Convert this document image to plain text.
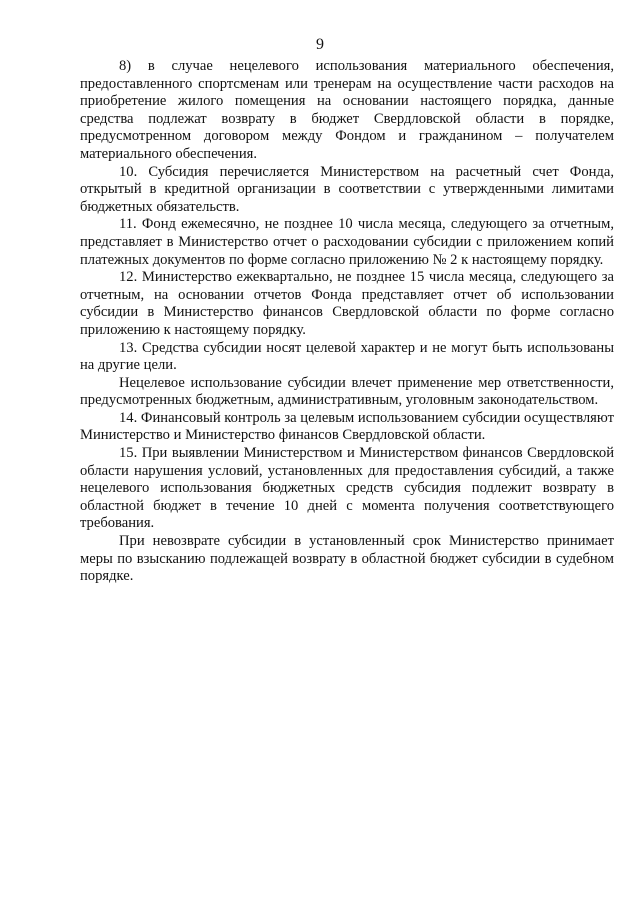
9

8) в случае нецелевого использования материального обеспечения, предоставленного спортсменам или тренерам на осуществление части расходов на приобретение жилого помещения на основании настоящего порядка, данные средства подлежат возврату в бюджет Свердловской области в порядке, предусмотренном договором между Фондом и гражданином – получателем материального обеспечения.

10. Субсидия перечисляется Министерством на расчетный счет Фонда, открытый в кредитной организации в соответствии с утвержденными лимитами бюджетных обязательств.

11. Фонд ежемесячно, не позднее 10 числа месяца, следующего за отчетным, представляет в Министерство отчет о расходовании субсидии с приложением копий платежных документов по форме согласно приложению № 2 к настоящему порядку.

12. Министерство ежеквартально, не позднее 15 числа месяца, следующего за отчетным, на основании отчетов Фонда представляет отчет об использовании субсидии в Министерство финансов Свердловской области по форме согласно приложению к настоящему порядку.

13. Средства субсидии носят целевой характер и не могут быть использованы на другие цели.

Нецелевое использование субсидии влечет применение мер ответственности, предусмотренных бюджетным, административным, уголовным законодательством.

14. Финансовый контроль за целевым использованием субсидии осуществляют Министерство и Министерство финансов Свердловской области.

15. При выявлении Министерством и Министерством финансов Свердловской области нарушения условий, установленных для предоставления субсидий, а также нецелевого использования бюджетных средств субсидия подлежит возврату в областной бюджет в течение 10 дней с момента получения соответствующего требования.

При невозврате субсидии в установленный срок Министерство принимает меры по взысканию подлежащей возврату в областной бюджет субсидии в судебном порядке.
